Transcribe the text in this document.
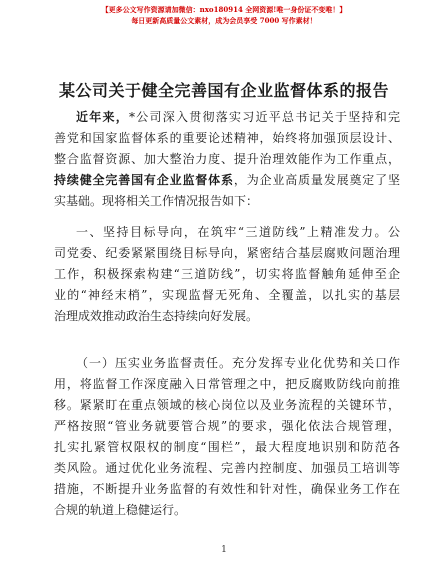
【更多公文写作资源请加微信：nxo180914 全网资源!唯一身份证不变唯！】
每日更新高质量公文素材，成为会员享受 7000 写作素材！
某公司关于健全完善国有企业监督体系的报告
近年来，*公司深入贯彻落实习近平总书记关于坚持和完
善党和国家监督体系的重要论述精神，始终将加强顶层设计、
整合监督资源、加大整治力度、提升治理效能作为工作重点，
持续健全完善国有企业监督体系，为企业高质量发展奠定了坚
实基础。现将相关工作情况报告如下：
一、坚持目标导向，在筑牢“三道防线”上精准发力。公
司党委、纪委紧紧围绕目标导向，紧密结合基层腐败问题治理
工作，积极探索构建“三道防线”，切实将监督触角延伸至企
业的“神经末梢”，实现监督无死角、全覆盖，以扎实的基层
治理成效推动政治生态持续向好发展。
（一）压实业务监督责任。充分发挥专业化优势和关口作
用，将监督工作深度融入日常管理之中，把反腐败防线向前推
移。紧紧盯在重点领域的核心岗位以及业务流程的关键环节，
严格按照“管业务就要管合规”的要求，强化依法合规管理，
扎实扎紧管权限权的制度“围栏”，最大程度地识别和防范各
类风险。通过优化业务流程、完善内控制度、加强员工培训等
措施，不断提升业务监督的有效性和针对性，确保业务工作在
合规的轨道上稳健运行。
1
